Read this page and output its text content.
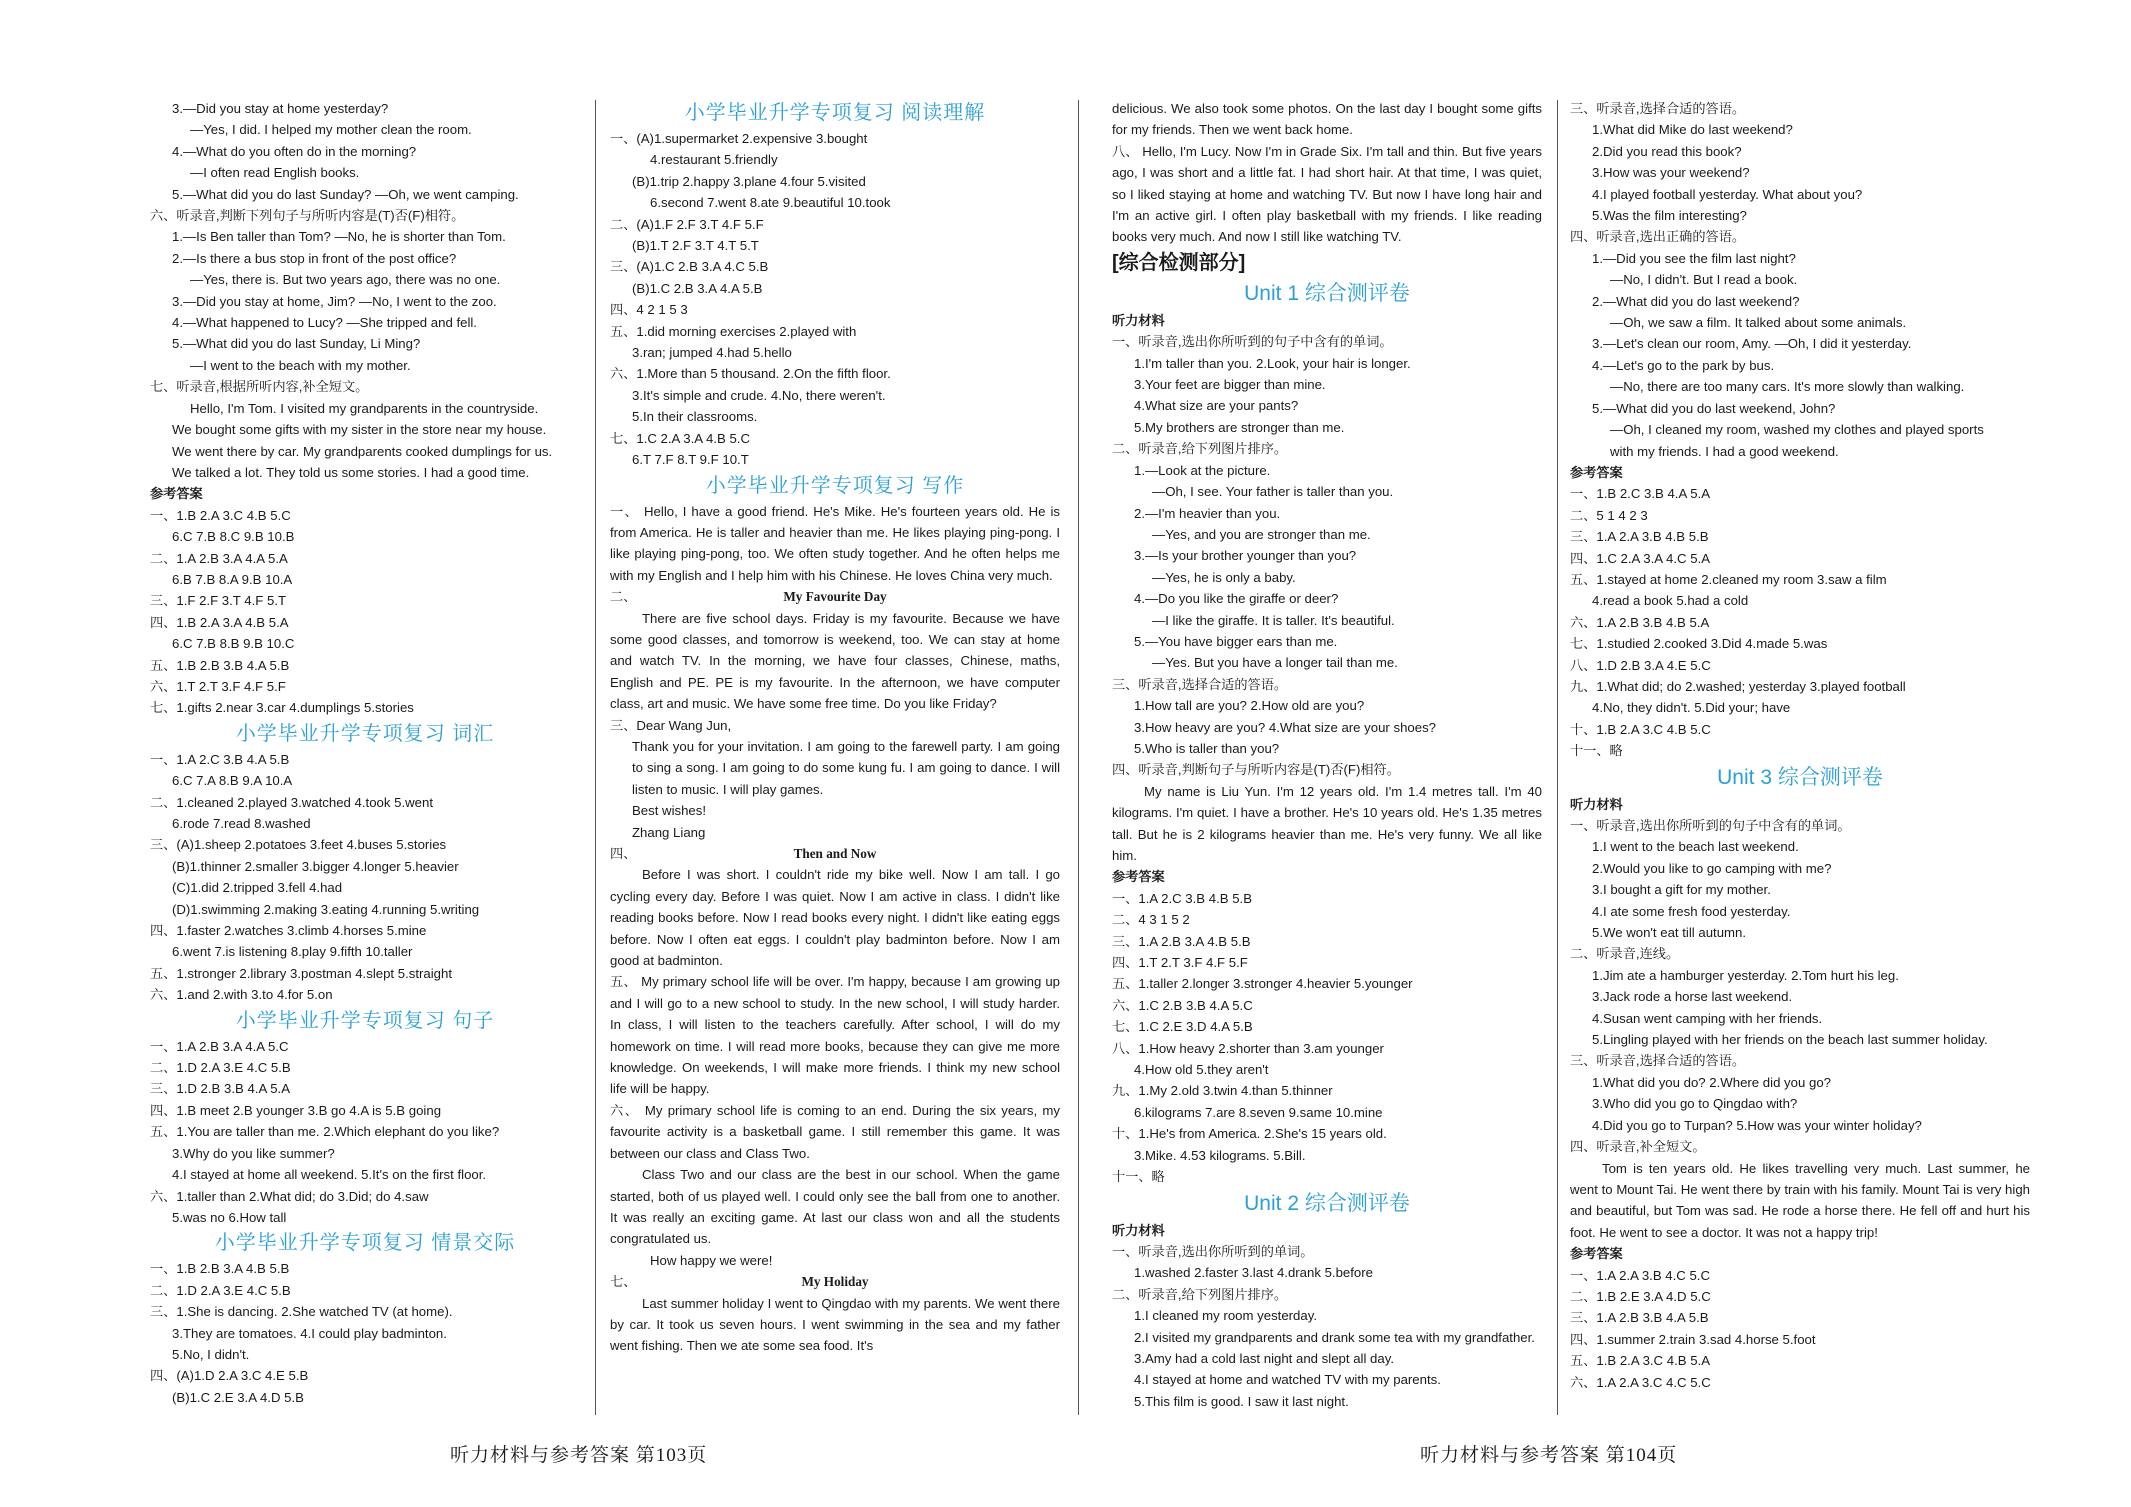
3.—Did you stay at home yesterday?
—Yes, I did. I helped my mother clean the room.
4.—What do you often do in the morning?
—I often read English books.
5.—What did you do last Sunday? —Oh, we went camping.
六、听录音,判断下列句子与所听内容是(T)否(F)相符。
1.—Is Ben taller than Tom? —No, he is shorter than Tom.
2.—Is there a bus stop in front of the post office?
—Yes, there is. But two years ago, there was no one.
3.—Did you stay at home, Jim? —No, I went to the zoo.
4.—What happened to Lucy? —She tripped and fell.
5.—What did you do last Sunday, Li Ming?
—I went to the beach with my mother.
七、听录音,根据所听内容,补全短文。
Hello, I'm Tom. I visited my grandparents in the countryside.
We bought some gifts with my sister in the store near my house.
We went there by car. My grandparents cooked dumplings for us.
We talked a lot. They told us some stories. I had a good time.
参考答案
一、1.B 2.A 3.C 4.B 5.C
6.C 7.B 8.C 9.B 10.B
二、1.A 2.B 3.A 4.A 5.A
6.B 7.B 8.A 9.B 10.A
三、1.F 2.F 3.T 4.F 5.T
四、1.B 2.A 3.A 4.B 5.A
6.C 7.B 8.B 9.B 10.C
五、1.B 2.B 3.B 4.A 5.B
六、1.T 2.T 3.F 4.F 5.F
七、1.gifts 2.near 3.car 4.dumplings 5.stories
小学毕业升学专项复习 词汇
一、1.A 2.C 3.B 4.A 5.B
6.C 7.A 8.B 9.A 10.A
二、1.cleaned 2.played 3.watched 4.took 5.went
6.rode 7.read 8.washed
三、(A)1.sheep 2.potatoes 3.feet 4.buses 5.stories
(B)1.thinner 2.smaller 3.bigger 4.longer 5.heavier
(C)1.did 2.tripped 3.fell 4.had
(D)1.swimming 2.making 3.eating 4.running 5.writing
四、1.faster 2.watches 3.climb 4.horses 5.mine
6.went 7.is listening 8.play 9.fifth 10.taller
五、1.stronger 2.library 3.postman 4.slept 5.straight
六、1.and 2.with 3.to 4.for 5.on
小学毕业升学专项复习 句子
一、1.A 2.B 3.A 4.A 5.C
二、1.D 2.A 3.E 4.C 5.B
三、1.D 2.B 3.B 4.A 5.A
四、1.B meet 2.B younger 3.B go 4.A is 5.B going
五、1.You are taller than me. 2.Which elephant do you like?
3.Why do you like summer?
4.I stayed at home all weekend. 5.It's on the first floor.
六、1.taller than 2.What did; do 3.Did; do 4.saw
5.was no 6.How tall
小学毕业升学专项复习 情景交际
一、1.B 2.B 3.A 4.B 5.B
二、1.D 2.A 3.E 4.C 5.B
三、1.She is dancing. 2.She watched TV (at home).
3.They are tomatoes. 4.I could play badminton.
5.No, I didn't.
四、(A)1.D 2.A 3.C 4.E 5.B
(B)1.C 2.E 3.A 4.D 5.B
小学毕业升学专项复习 阅读理解
一、(A)1.supermarket 2.expensive 3.bought
4.restaurant 5.friendly
(B)1.trip 2.happy 3.plane 4.four 5.visited
6.second 7.went 8.ate 9.beautiful 10.took
二、(A)1.F 2.F 3.T 4.F 5.F
(B)1.T 2.F 3.T 4.T 5.T
三、(A)1.C 2.B 3.A 4.C 5.B
(B)1.C 2.B 3.A 4.A 5.B
四、4 2 1 5 3
五、1.did morning exercises 2.played with
3.ran; jumped 4.had 5.hello
六、1.More than 5 thousand. 2.On the fifth floor.
3.It's simple and crude. 4.No, there weren't.
5.In their classrooms.
七、1.C 2.A 3.A 4.B 5.C
6.T 7.F 8.T 9.F 10.T
小学毕业升学专项复习 写作
一、 Hello, I have a good friend. He's Mike. He's fourteen years old. He is from America. He is taller and heavier than me. He likes playing ping-pong. I like playing ping-pong, too. We often study together. And he often helps me with my English and I help him with his Chinese. He loves China very much.
二、	My Favourite Day
There are five school days. Friday is my favourite. Because we have some good classes, and tomorrow is weekend, too. We can stay at home and watch TV. In the morning, we have four classes, Chinese, maths, English and PE. PE is my favourite. In the afternoon, we have computer class, art and music. We have some free time. Do you like Friday?
三、Dear Wang Jun,
Thank you for your invitation. I am going to the farewell party. I am going to sing a song. I am going to do some kung fu. I am going to dance. I will listen to music. I will play games.
Best wishes!
Zhang Liang
四、	Then and Now
Before I was short. I couldn't ride my bike well. Now I am tall. I go cycling every day. Before I was quiet. Now I am active in class. I didn't like reading books before. Now I read books every night. I didn't like eating eggs before. Now I often eat eggs. I couldn't play badminton before. Now I am good at badminton.
五、 My primary school life will be over. I'm happy, because I am growing up and I will go to a new school to study. In the new school, I will study harder. In class, I will listen to the teachers carefully. After school, I will do my homework on time. I will read more books, because they can give me more knowledge. On weekends, I will make more friends. I think my new school life will be happy.
六、 My primary school life is coming to an end. During the six years, my favourite activity is a basketball game. I still remember this game. It was between our class and Class Two.
Class Two and our class are the best in our school. When the game started, both of us played well. I could only see the ball from one to another. It was really an exciting game. At last our class won and all the students congratulated us.
How happy we were!
七、	My Holiday
Last summer holiday I went to Qingdao with my parents. We went there by car. It took us seven hours. I went swimming in the sea and my father went fishing. Then we ate some sea food. It's
delicious. We also took some photos. On the last day I bought some gifts for my friends. Then we went back home.
八、 Hello, I'm Lucy. Now I'm in Grade Six. I'm tall and thin. But five years ago, I was short and a little fat. I had short hair. At that time, I was quiet, so I liked staying at home and watching TV. But now I have long hair and I'm an active girl. I often play basketball with my friends. I like reading books very much. And now I still like watching TV.
[综合检测部分]
Unit 1 综合测评卷
听力材料
一、听录音,选出你所听到的句子中含有的单词。
1.I'm taller than you. 2.Look, your hair is longer.
3.Your feet are bigger than mine.
4.What size are your pants?
5.My brothers are stronger than me.
二、听录音,给下列图片排序。
1.—Look at the picture.
—Oh, I see. Your father is taller than you.
2.—I'm heavier than you.
—Yes, and you are stronger than me.
3.—Is your brother younger than you?
—Yes, he is only a baby.
4.—Do you like the giraffe or deer?
—I like the giraffe. It is taller. It's beautiful.
5.—You have bigger ears than me.
—Yes. But you have a longer tail than me.
三、听录音,选择合适的答语。
1.How tall are you? 2.How old are you?
3.How heavy are you? 4.What size are your shoes?
5.Who is taller than you?
四、听录音,判断句子与所听内容是(T)否(F)相符。
My name is Liu Yun. I'm 12 years old. I'm 1.4 metres tall. I'm 40 kilograms. I'm quiet. I have a brother. He's 10 years old. He's 1.35 metres tall. But he is 2 kilograms heavier than me. He's very funny. We all like him.
参考答案
一、1.A 2.C 3.B 4.B 5.B
二、4 3 1 5 2
三、1.A 2.B 3.A 4.B 5.B
四、1.T 2.T 3.F 4.F 5.F
五、1.taller 2.longer 3.stronger 4.heavier 5.younger
六、1.C 2.B 3.B 4.A 5.C
七、1.C 2.E 3.D 4.A 5.B
八、1.How heavy 2.shorter than 3.am younger
4.How old 5.they aren't
九、1.My 2.old 3.twin 4.than 5.thinner
6.kilograms 7.are 8.seven 9.same 10.mine
十、1.He's from America. 2.She's 15 years old.
3.Mike. 4.53 kilograms. 5.Bill.
十一、略
Unit 2 综合测评卷
听力材料
一、听录音,选出你所听到的单词。
1.washed 2.faster 3.last 4.drank 5.before
二、听录音,给下列图片排序。
1.I cleaned my room yesterday.
2.I visited my grandparents and drank some tea with my grandfather.
3.Amy had a cold last night and slept all day.
4.I stayed at home and watched TV with my parents.
5.This film is good. I saw it last night.
三、听录音,选择合适的答语。
1.What did Mike do last weekend?
2.Did you read this book?
3.How was your weekend?
4.I played football yesterday. What about you?
5.Was the film interesting?
四、听录音,选出正确的答语。
1.—Did you see the film last night?
—No, I didn't. But I read a book.
2.—What did you do last weekend?
—Oh, we saw a film. It talked about some animals.
3.—Let's clean our room, Amy. —Oh, I did it yesterday.
4.—Let's go to the park by bus.
—No, there are too many cars. It's more slowly than walking.
5.—What did you do last weekend, John?
—Oh, I cleaned my room, washed my clothes and played sports
with my friends. I had a good weekend.
参考答案
一、1.B 2.C 3.B 4.A 5.A
二、5 1 4 2 3
三、1.A 2.A 3.B 4.B 5.B
四、1.C 2.A 3.A 4.C 5.A
五、1.stayed at home 2.cleaned my room 3.saw a film
4.read a book 5.had a cold
六、1.A 2.B 3.B 4.B 5.A
七、1.studied 2.cooked 3.Did 4.made 5.was
八、1.D 2.B 3.A 4.E 5.C
九、1.What did; do 2.washed; yesterday 3.played football
4.No, they didn't. 5.Did your; have
十、1.B 2.A 3.C 4.B 5.C
十一、略
Unit 3 综合测评卷
听力材料
一、听录音,选出你所听到的句子中含有的单词。
1.I went to the beach last weekend.
2.Would you like to go camping with me?
3.I bought a gift for my mother.
4.I ate some fresh food yesterday.
5.We won't eat till autumn.
二、听录音,连线。
1.Jim ate a hamburger yesterday. 2.Tom hurt his leg.
3.Jack rode a horse last weekend.
4.Susan went camping with her friends.
5.Lingling played with her friends on the beach last summer holiday.
三、听录音,选择合适的答语。
1.What did you do? 2.Where did you go?
3.Who did you go to Qingdao with?
4.Did you go to Turpan? 5.How was your winter holiday?
四、听录音,补全短文。
Tom is ten years old. He likes travelling very much. Last summer, he went to Mount Tai. He went there by train with his family. Mount Tai is very high and beautiful, but Tom was sad. He rode a horse there. He fell off and hurt his foot. He went to see a doctor. It was not a happy trip!
参考答案
一、1.A 2.A 3.B 4.C 5.C
二、1.B 2.E 3.A 4.D 5.C
三、1.A 2.B 3.B 4.A 5.B
四、1.summer 2.train 3.sad 4.horse 5.foot
五、1.B 2.A 3.C 4.B 5.A
六、1.A 2.A 3.C 4.C 5.C
听力材料与参考答案 第103页	听力材料与参考答案 第104页
